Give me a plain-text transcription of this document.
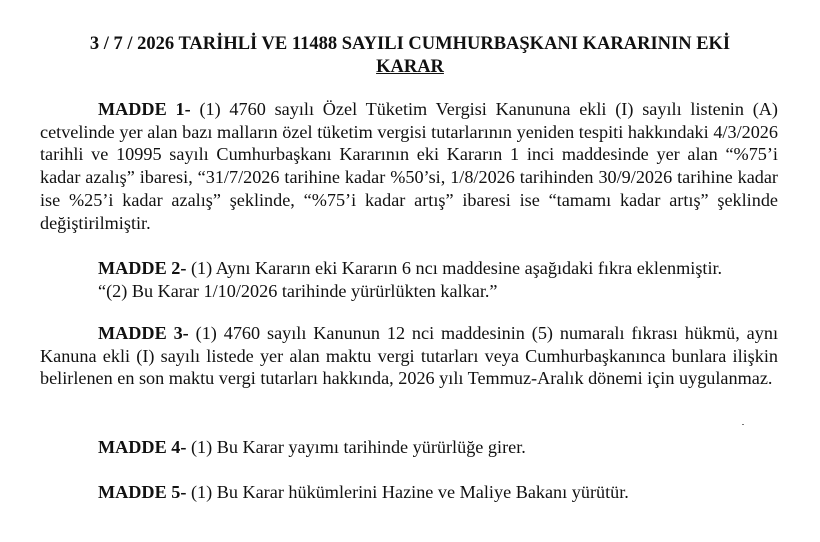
3 / 7 / 2026 TARİHLİ VE 11488 SAYILI CUMHURBAŞKANI KARARININ EKİ
KARAR

MADDE 1- (1) 4760 sayılı Özel Tüketim Vergisi Kanununa ekli (I) sayılı listenin (A) cetvelinde yer alan bazı malların özel tüketim vergisi tutarlarının yeniden tespiti hakkındaki 4/3/2026 tarihli ve 10995 sayılı Cumhurbaşkanı Kararının eki Kararın 1 inci maddesinde yer alan “%75’i kadar azalış” ibaresi, “31/7/2026 tarihine kadar %50’si, 1/8/2026 tarihinden 30/9/2026 tarihine kadar ise %25’i kadar azalış” şeklinde, “%75’i kadar artış” ibaresi ise “tamamı kadar artış” şeklinde değiştirilmiştir.

MADDE 2- (1) Aynı Kararın eki Kararın 6 ncı maddesine aşağıdaki fıkra eklenmiştir.
“(2) Bu Karar 1/10/2026 tarihinde yürürlükten kalkar.”

MADDE 3- (1) 4760 sayılı Kanunun 12 nci maddesinin (5) numaralı fıkrası hükmü, aynı Kanuna ekli (I) sayılı listede yer alan maktu vergi tutarları veya Cumhurbaşkanınca bunlara ilişkin belirlenen en son maktu vergi tutarları hakkında, 2026 yılı Temmuz-Aralık dönemi için uygulanmaz.

MADDE 4- (1) Bu Karar yayımı tarihinde yürürlüğe girer.

MADDE 5- (1) Bu Karar hükümlerini Hazine ve Maliye Bakanı yürütür.
